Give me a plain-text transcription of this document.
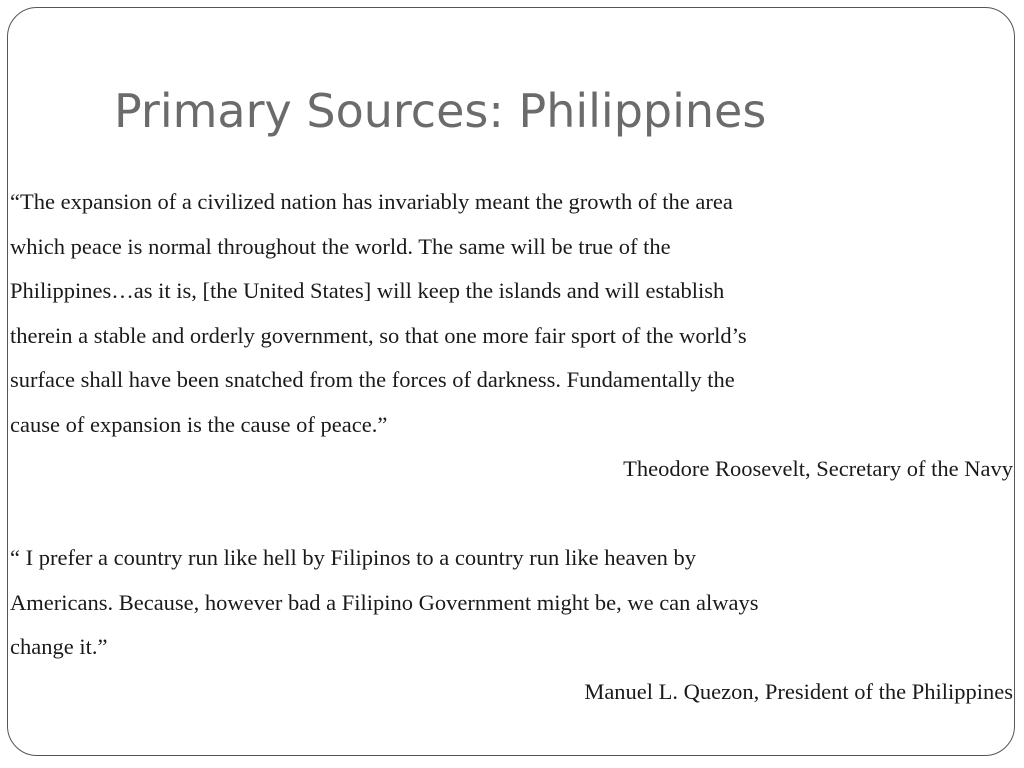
Primary Sources: Philippines
“The expansion of a civilized nation has invariably meant the growth of the area
which peace is normal throughout the world. The same will be true of the
Philippines…as it is, [the United States] will keep the islands and will establish
therein a stable and orderly government, so that one more fair sport of the world’s
surface shall have been snatched from the forces of darkness. Fundamentally the
cause of expansion is the cause of peace.”
Theodore Roosevelt, Secretary of the Navy
“ I prefer a country run like hell by Filipinos to a country run like heaven by
Americans. Because, however bad a Filipino Government might be, we can always
change it.”
Manuel L. Quezon, President of the Philippines
